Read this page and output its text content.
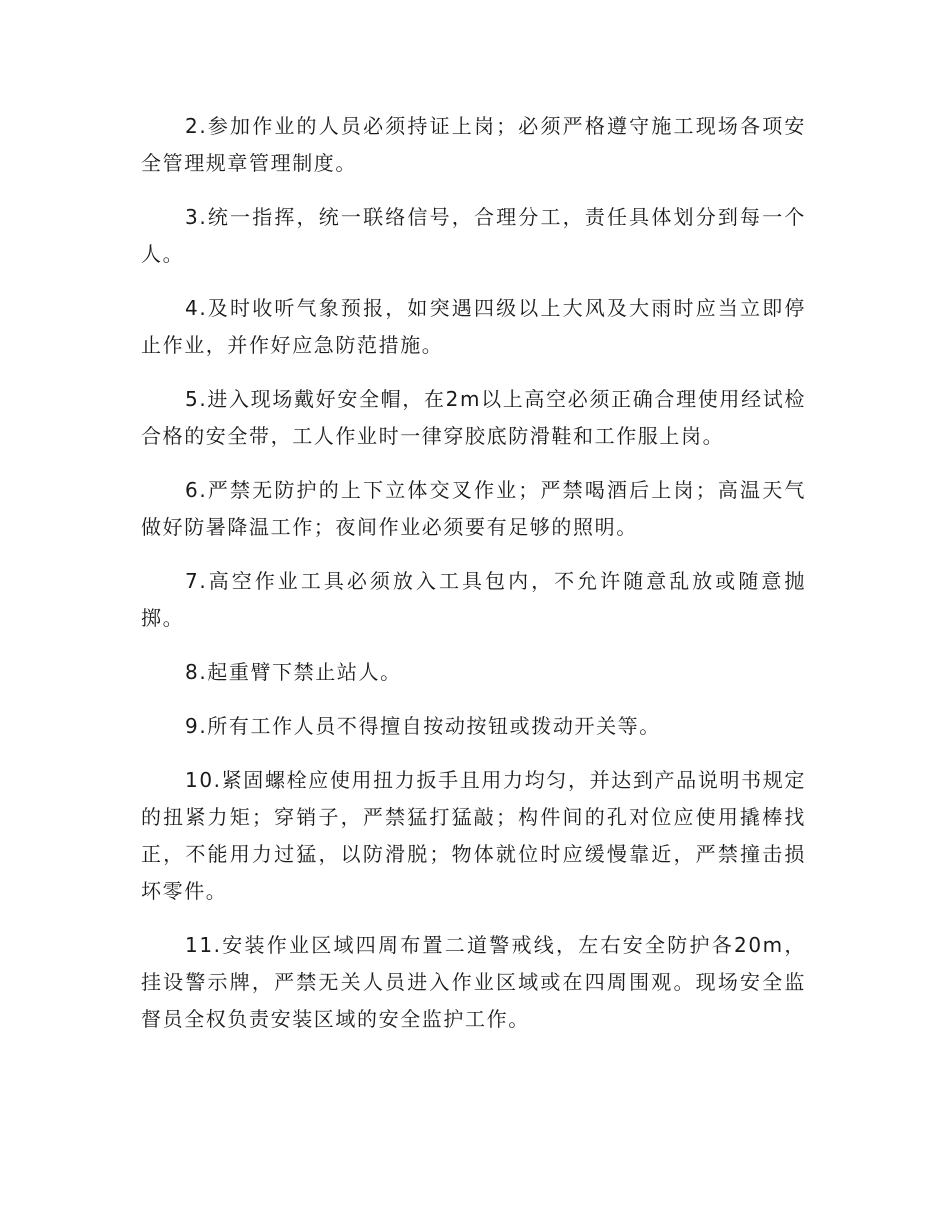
2.参加作业的人员必须持证上岗；必须严格遵守施工现场各项安全管理规章管理制度。

3.统一指挥，统一联络信号，合理分工，责任具体划分到每一个人。

4.及时收听气象预报，如突遇四级以上大风及大雨时应当立即停止作业，并作好应急防范措施。

5.进入现场戴好安全帽，在2m以上高空必须正确合理使用经试检合格的安全带，工人作业时一律穿胶底防滑鞋和工作服上岗。

6.严禁无防护的上下立体交叉作业；严禁喝酒后上岗；高温天气做好防暑降温工作；夜间作业必须要有足够的照明。

7.高空作业工具必须放入工具包内，不允许随意乱放或随意抛掷。

8.起重臂下禁止站人。

9.所有工作人员不得擅自按动按钮或拨动开关等。

10.紧固螺栓应使用扭力扳手且用力均匀，并达到产品说明书规定的扭紧力矩；穿销子，严禁猛打猛敲；构件间的孔对位应使用撬棒找正，不能用力过猛，以防滑脱；物体就位时应缓慢靠近，严禁撞击损坏零件。

11.安装作业区域四周布置二道警戒线，左右安全防护各20m，挂设警示牌，严禁无关人员进入作业区域或在四周围观。现场安全监督员全权负责安装区域的安全监护工作。
